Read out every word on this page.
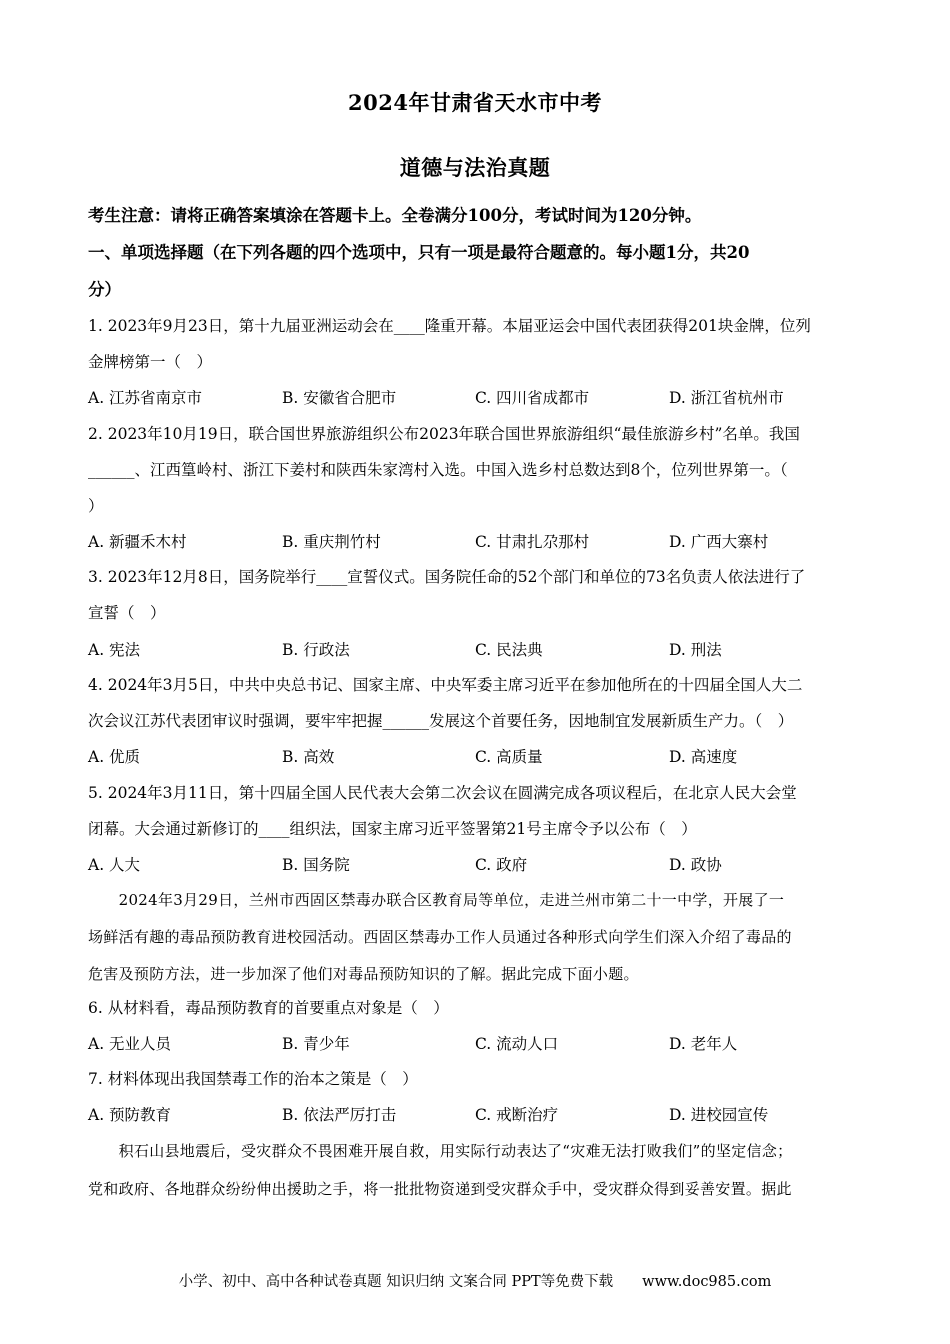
2024年甘肃省天水市中考
道德与法治真题
考生注意：请将正确答案填涂在答题卡上。全卷满分100分，考试时间为120分钟。
一、单项选择题（在下列各题的四个选项中，只有一项是最符合题意的。每小题1分，共20
分）
1. 2023年9月23日，第十九届亚洲运动会在____隆重开幕。本届亚运会中国代表团获得201块金牌，位列
金牌榜第一（　）
A. 江苏省南京市	B. 安徽省合肥市	C. 四川省成都市	D. 浙江省杭州市
2. 2023年10月19日，联合国世界旅游组织公布2023年联合国世界旅游组织“最佳旅游乡村”名单。我国
______、江西篁岭村、浙江下姜村和陕西朱家湾村入选。中国入选乡村总数达到8个，位列世界第一。（
）
A. 新疆禾木村	B. 重庆荆竹村	C. 甘肃扎尕那村	D. 广西大寨村
3. 2023年12月8日，国务院举行____宣誓仪式。国务院任命的52个部门和单位的73名负责人依法进行了
宣誓（　）
A. 宪法	B. 行政法	C. 民法典	D. 刑法
4. 2024年3月5日，中共中央总书记、国家主席、中央军委主席习近平在参加他所在的十四届全国人大二
次会议江苏代表团审议时强调，要牢牢把握______发展这个首要任务，因地制宜发展新质生产力。（　）
A. 优质	B. 高效	C. 高质量	D. 高速度
5. 2024年3月11日，第十四届全国人民代表大会第二次会议在圆满完成各项议程后，在北京人民大会堂
闭幕。大会通过新修订的____组织法，国家主席习近平签署第21号主席令予以公布（　）
A. 人大	B. 国务院	C. 政府	D. 政协
　　2024年3月29日，兰州市西固区禁毒办联合区教育局等单位，走进兰州市第二十一中学，开展了一
场鲜活有趣的毒品预防教育进校园活动。西固区禁毒办工作人员通过各种形式向学生们深入介绍了毒品的
危害及预防方法，进一步加深了他们对毒品预防知识的了解。据此完成下面小题。
6. 从材料看，毒品预防教育的首要重点对象是（　）
A. 无业人员	B. 青少年	C. 流动人口	D. 老年人
7. 材料体现出我国禁毒工作的治本之策是（　）
A. 预防教育	B. 依法严厉打击	C. 戒断治疗	D. 进校园宣传
　　积石山县地震后，受灾群众不畏困难开展自救，用实际行动表达了“灾难无法打败我们”的坚定信念；
党和政府、各地群众纷纷伸出援助之手，将一批批物资递到受灾群众手中，受灾群众得到妥善安置。据此
小学、初中、高中各种试卷真题 知识归纳 文案合同 PPT等免费下载　　www.doc985.com
